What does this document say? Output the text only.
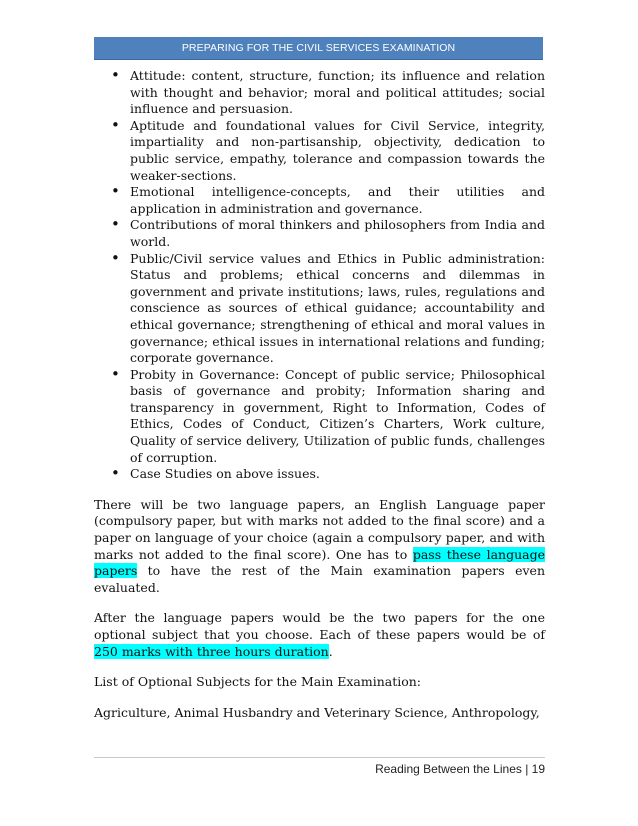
PREPARING FOR THE CIVIL SERVICES EXAMINATION
• Attitude: content, structure, function; its influence and relation with thought and behavior; moral and political attitudes; social influence and persuasion.
• Aptitude and foundational values for Civil Service, integrity, impartiality and non-partisanship, objectivity, dedication to public service, empathy, tolerance and compassion towards the weaker-sections.
• Emotional intelligence-concepts, and their utilities and application in administration and governance.
• Contributions of moral thinkers and philosophers from India and world.
• Public/Civil service values and Ethics in Public administration: Status and problems; ethical concerns and dilemmas in government and private institutions; laws, rules, regulations and conscience as sources of ethical guidance; accountability and ethical governance; strengthening of ethical and moral values in governance; ethical issues in international relations and funding; corporate governance.
• Probity in Governance: Concept of public service; Philosophical basis of governance and probity; Information sharing and transparency in government, Right to Information, Codes of Ethics, Codes of Conduct, Citizen’s Charters, Work culture, Quality of service delivery, Utilization of public funds, challenges of corruption.
• Case Studies on above issues.

There will be two language papers, an English Language paper (compulsory paper, but with marks not added to the final score) and a paper on language of your choice (again a compulsory paper, and with marks not added to the final score). One has to pass these language papers to have the rest of the Main examination papers even evaluated.

After the language papers would be the two papers for the one optional subject that you choose. Each of these papers would be of 250 marks with three hours duration.

List of Optional Subjects for the Main Examination:

Agriculture, Animal Husbandry and Veterinary Science, Anthropology,

Reading Between the Lines | 19
